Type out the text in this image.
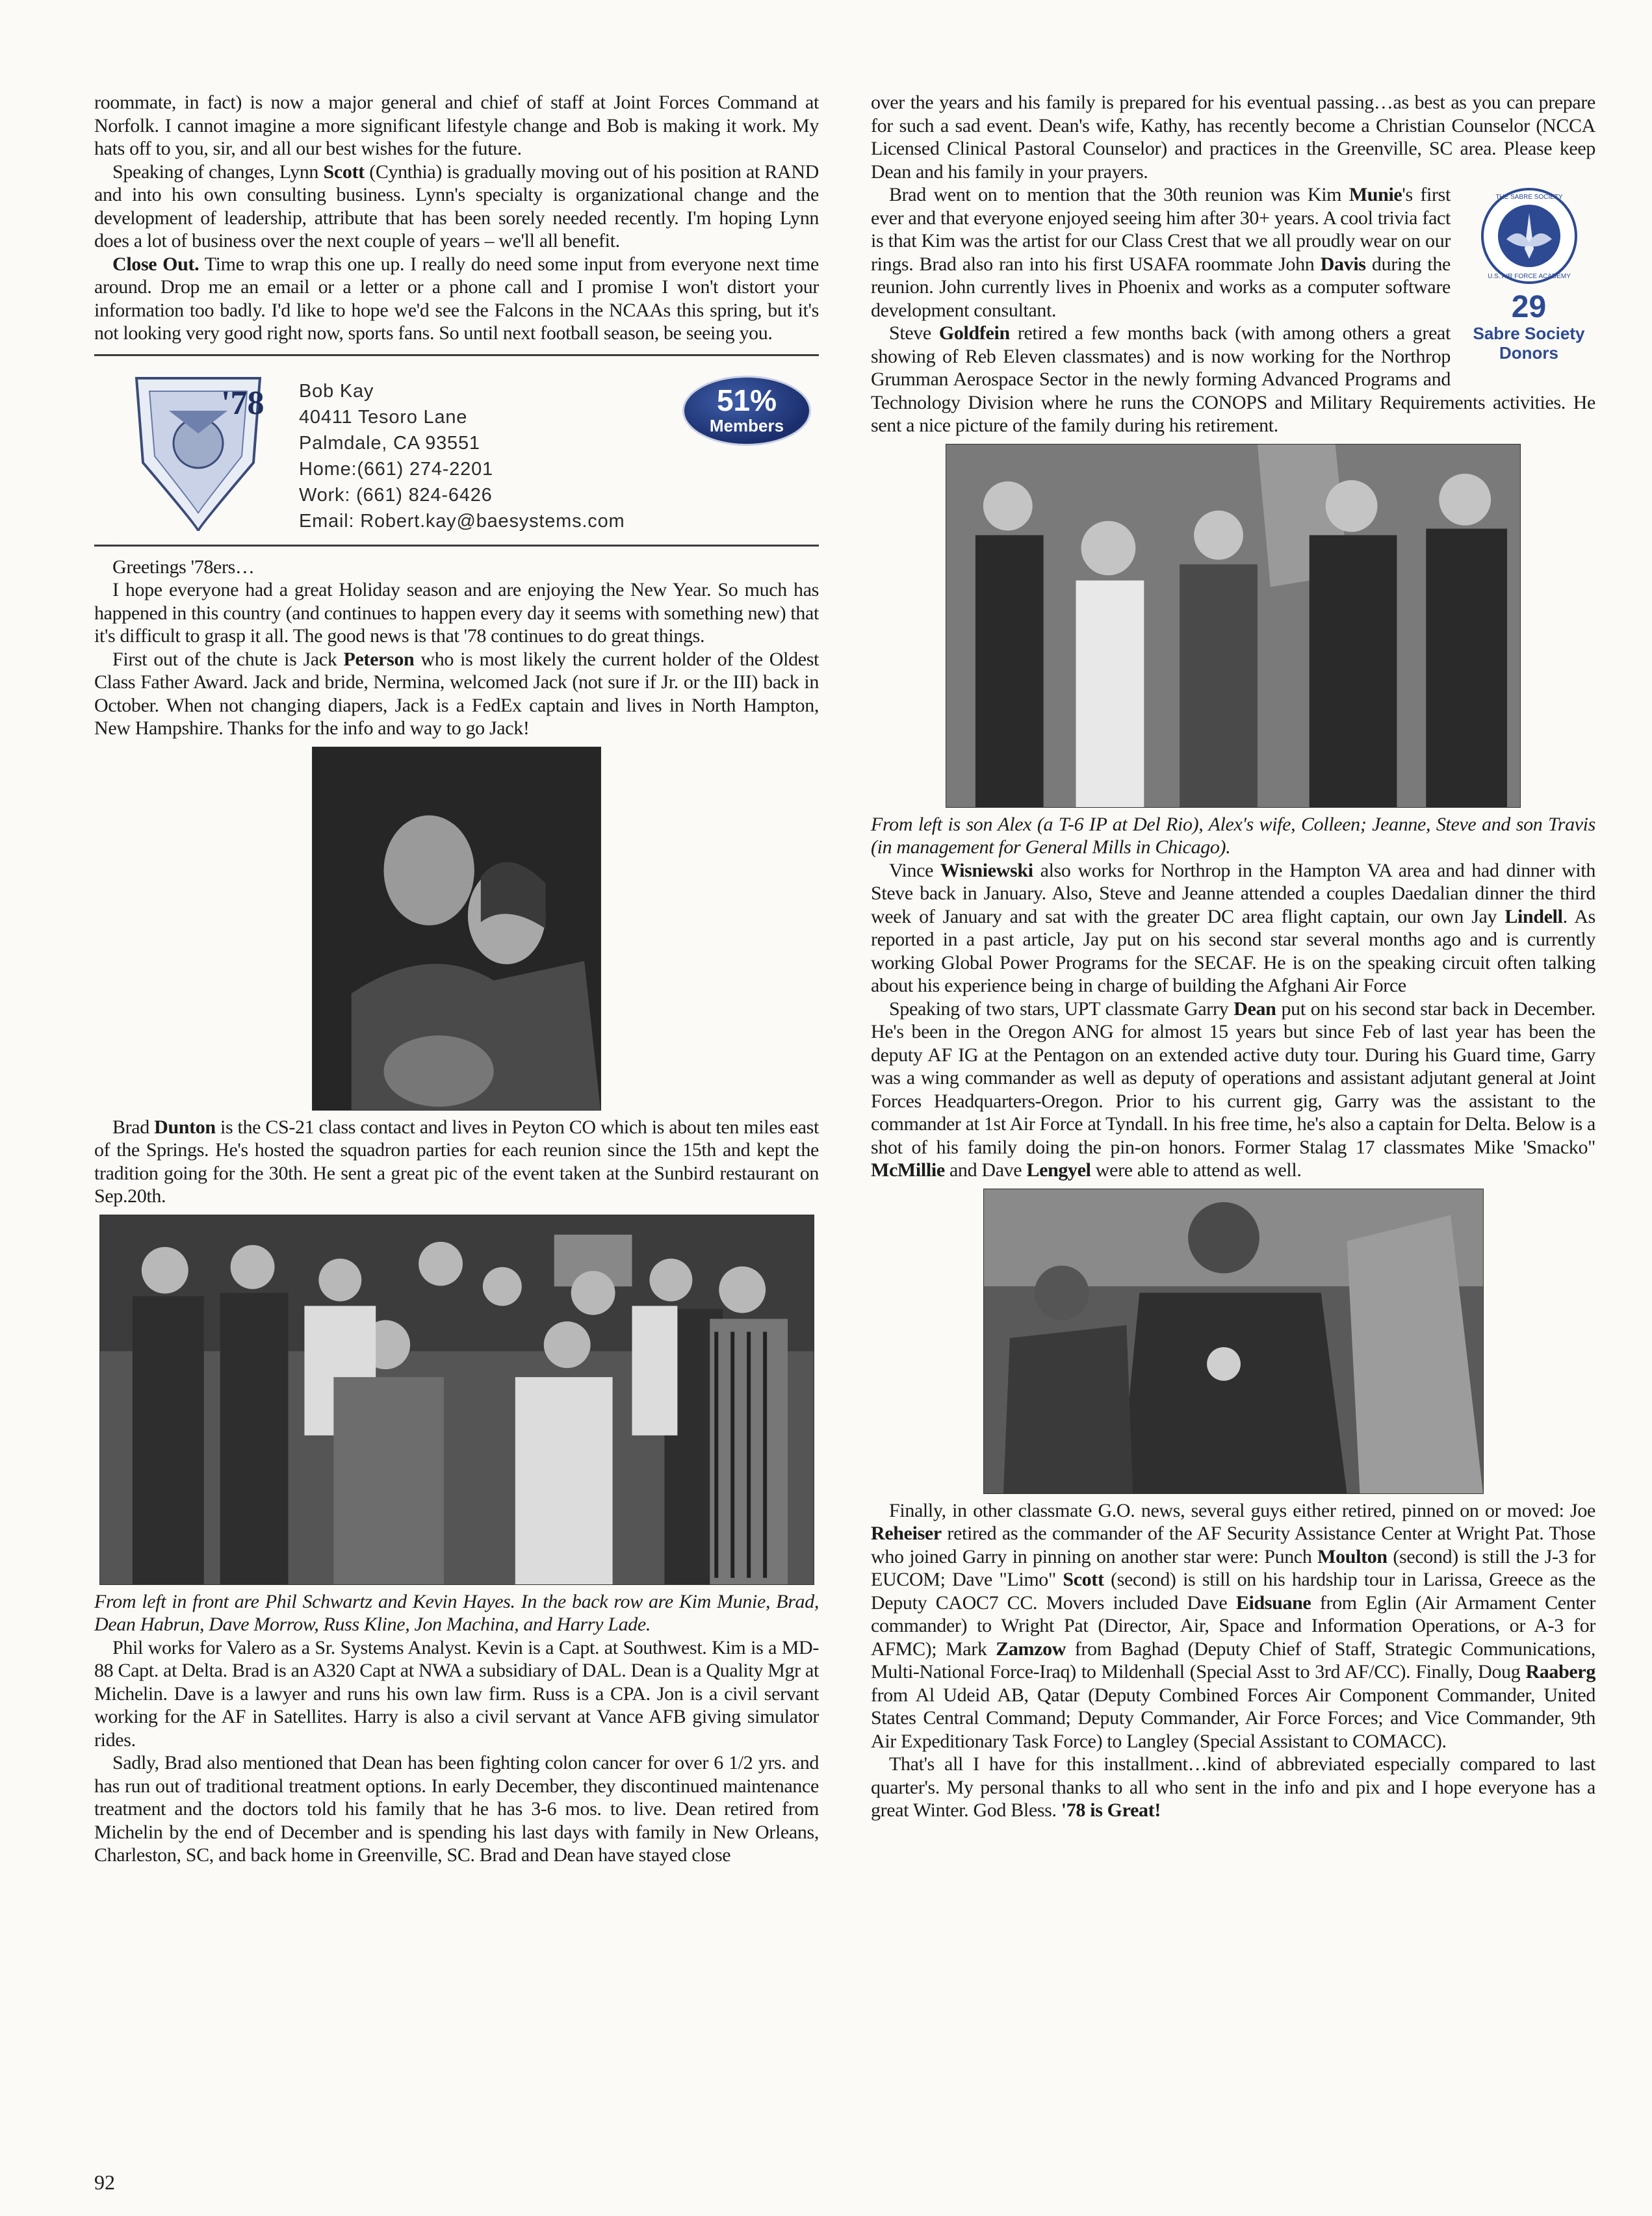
roommate, in fact) is now a major general and chief of staff at Joint Forces Command at Norfolk. I cannot imagine a more significant lifestyle change and Bob is making it work. My hats off to you, sir, and all our best wishes for the future.

Speaking of changes, Lynn Scott (Cynthia) is gradually moving out of his position at RAND and into his own consulting business. Lynn's specialty is organizational change and the development of leadership, attribute that has been sorely needed recently. I'm hoping Lynn does a lot of business over the next couple of years – we'll all benefit.

Close Out. Time to wrap this one up. I really do need some input from everyone next time around. Drop me an email or a letter or a phone call and I promise I won't distort your information too badly. I'd like to hope we'd see the Falcons in the NCAAs this spring, but it's not looking very good right now, sports fans. So until next football season, be seeing you.

'78 Bob Kay
40411 Tesoro Lane
Palmdale, CA 93551
Home:(661) 274-2201
Work: (661) 824-6426
Email: Robert.kay@baesystems.com
51%
Members

Greetings '78ers…

I hope everyone had a great Holiday season and are enjoying the New Year. So much has happened in this country (and continues to happen every day it seems with something new) that it's difficult to grasp it all. The good news is that '78 continues to do great things.

First out of the chute is Jack Peterson who is most likely the current holder of the Oldest Class Father Award. Jack and bride, Nermina, welcomed Jack (not sure if Jr. or the III) back in October. When not changing diapers, Jack is a FedEx captain and lives in North Hampton, New Hampshire. Thanks for the info and way to go Jack!

Brad Dunton is the CS-21 class contact and lives in Peyton CO which is about ten miles east of the Springs. He's hosted the squadron parties for each reunion since the 15th and kept the tradition going for the 30th. He sent a great pic of the event taken at the Sunbird restaurant on Sep.20th.

From left in front are Phil Schwartz and Kevin Hayes. In the back row are Kim Munie, Brad, Dean Habrun, Dave Morrow, Russ Kline, Jon Machina, and Harry Lade.

Phil works for Valero as a Sr. Systems Analyst. Kevin is a Capt. at Southwest. Kim is a MD-88 Capt. at Delta. Brad is an A320 Capt at NWA a subsidiary of DAL. Dean is a Quality Mgr at Michelin. Dave is a lawyer and runs his own law firm. Russ is a CPA. Jon is a civil servant working for the AF in Satellites. Harry is also a civil servant at Vance AFB giving simulator rides.

Sadly, Brad also mentioned that Dean has been fighting colon cancer for over 6 1/2 yrs. and has run out of traditional treatment options. In early December, they discontinued maintenance treatment and the doctors told his family that he has 3-6 mos. to live. Dean retired from Michelin by the end of December and is spending his last days with family in New Orleans, Charleston, SC, and back home in Greenville, SC. Brad and Dean have stayed close

over the years and his family is prepared for his eventual passing…as best as you can prepare for such a sad event. Dean's wife, Kathy, has recently become a Christian Counselor (NCCA Licensed Clinical Pastoral Counselor) and practices in the Greenville, SC area. Please keep Dean and his family in your prayers.

THE SABRE SOCIETY
U.S. AIR FORCE ACADEMY
29
Sabre Society
Donors

Brad went on to mention that the 30th reunion was Kim Munie's first ever and that everyone enjoyed seeing him after 30+ years. A cool trivia fact is that Kim was the artist for our Class Crest that we all proudly wear on our rings. Brad also ran into his first USAFA roommate John Davis during the reunion. John currently lives in Phoenix and works as a computer software development consultant.

Steve Goldfein retired a few months back (with among others a great showing of Reb Eleven classmates) and is now working for the Northrop Grumman Aerospace Sector in the newly forming Advanced Programs and Technology Division where he runs the CONOPS and Military Requirements activities. He sent a nice picture of the family during his retirement.

From left is son Alex (a T-6 IP at Del Rio), Alex's wife, Colleen; Jeanne, Steve and son Travis (in management for General Mills in Chicago).

Vince Wisniewski also works for Northrop in the Hampton VA area and had dinner with Steve back in January. Also, Steve and Jeanne attended a couples Daedalian dinner the third week of January and sat with the greater DC area flight captain, our own Jay Lindell. As reported in a past article, Jay put on his second star several months ago and is currently working Global Power Programs for the SECAF. He is on the speaking circuit often talking about his experience being in charge of building the Afghani Air Force

Speaking of two stars, UPT classmate Garry Dean put on his second star back in December. He's been in the Oregon ANG for almost 15 years but since Feb of last year has been the deputy AF IG at the Pentagon on an extended active duty tour. During his Guard time, Garry was a wing commander as well as deputy of operations and assistant adjutant general at Joint Forces Headquarters-Oregon. Prior to his current gig, Garry was the assistant to the commander at 1st Air Force at Tyndall. In his free time, he's also a captain for Delta. Below is a shot of his family doing the pin-on honors. Former Stalag 17 classmates Mike 'Smacko" McMillie and Dave Lengyel were able to attend as well.

Finally, in other classmate G.O. news, several guys either retired, pinned on or moved: Joe Reheiser retired as the commander of the AF Security Assistance Center at Wright Pat. Those who joined Garry in pinning on another star were: Punch Moulton (second) is still the J-3 for EUCOM; Dave "Limo" Scott (second) is still on his hardship tour in Larissa, Greece as the Deputy CAOC7 CC. Movers included Dave Eidsuane from Eglin (Air Armament Center commander) to Wright Pat (Director, Air, Space and Information Operations, or A-3 for AFMC); Mark Zamzow from Baghad (Deputy Chief of Staff, Strategic Communications, Multi-National Force-Iraq) to Mildenhall (Special Asst to 3rd AF/CC). Finally, Doug Raaberg from Al Udeid AB, Qatar (Deputy Combined Forces Air Component Commander, United States Central Command; Deputy Commander, Air Force Forces; and Vice Commander, 9th Air Expeditionary Task Force) to Langley (Special Assistant to COMACC).

That's all I have for this installment…kind of abbreviated especially compared to last quarter's. My personal thanks to all who sent in the info and pix and I hope everyone has a great Winter. God Bless. '78 is Great!

92
